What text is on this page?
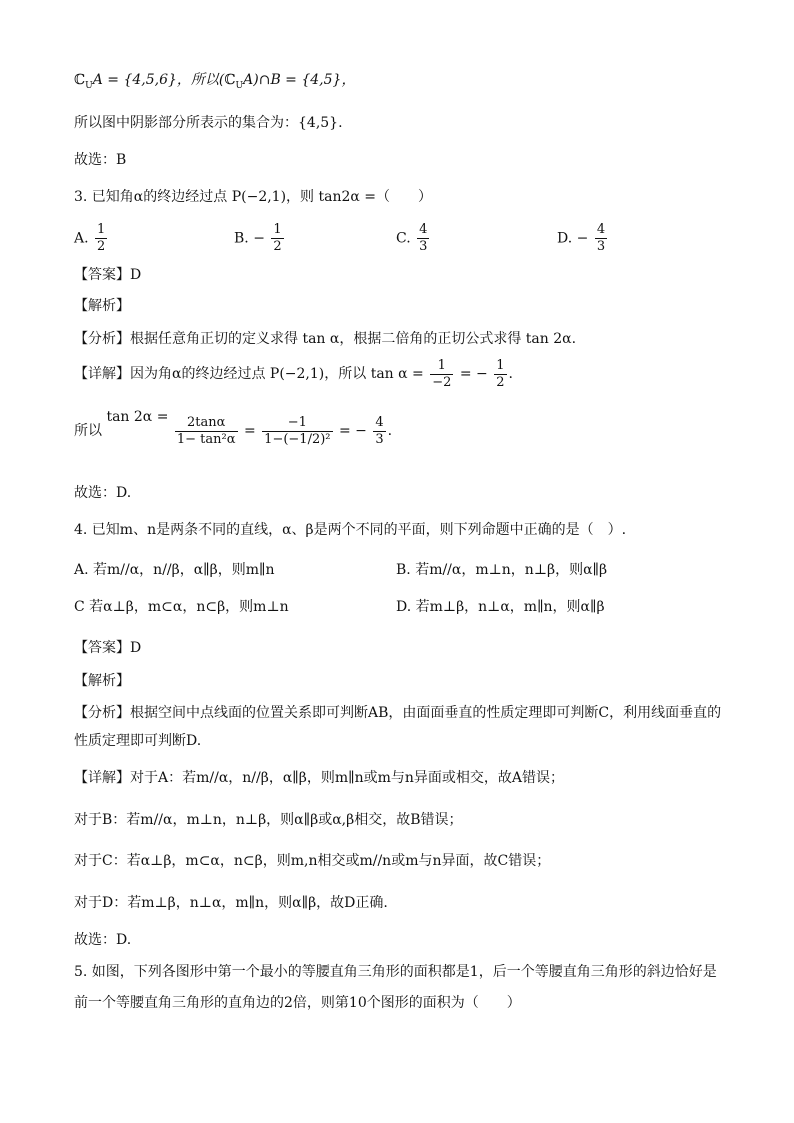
ℂ$_U$A = {4,5,6}，所以(ℂ$_U$A)∩B = {4,5}，
所以图中阴影部分所表示的集合为：{4,5}.
故选：B
3. 已知角α的终边经过点 P(−2,1)，则 tan2α =（　　）
A. $\frac{1}{2}$	B. − $\frac{1}{2}$	C. $\frac{4}{3}$	D. − $\frac{4}{3}$
【答案】D
【解析】
【分析】根据任意角正切的定义求得 tan α，根据二倍角的正切公式求得 tan 2α.
【详解】因为角α的终边经过点 P(−2,1)，所以 $\tan \alpha = \frac{1}{-2}$ = − $\frac{1}{2}$ .
所以 $\tan 2\alpha = \frac{2\tan\alpha}{\text{1− tan²α}} = \frac{-1}{\text{1−(−1/2)²}}$ = − $\frac{4}{3}$ .
故选：D.
4. 已知m、n是两条不同的直线，α、β是两个不同的平面，则下列命题中正确的是（　）.
A. 若m//α，n//β，α∥β，则m∥n	B. 若m//α，m⊥n，n⊥β，则α∥β
C 若α⊥β，m⊂α，n⊂β，则m⊥n	D. 若m⊥β，n⊥α，m∥n，则α∥β
【答案】D
【解析】
【分析】根据空间中点线面的位置关系即可判断AB，由面面垂直的性质定理即可判断C，利用线面垂直的
性质定理即可判断D.
【详解】对于A：若m//α，n//β，α∥β，则m∥n或m与n异面或相交，故A错误；
对于B：若m//α，m⊥n，n⊥β，则α∥β或α,β相交，故B错误；
对于C：若α⊥β，m⊂α，n⊂β，则m,n相交或m//n或m与n异面，故C错误；
对于D：若m⊥β，n⊥α，m∥n，则α∥β，故D正确.
故选：D.
5. 如图，下列各图形中第一个最小的等腰直角三角形的面积都是1，后一个等腰直角三角形的斜边恰好是
前一个等腰直角三角形的直角边的2倍，则第10个图形的面积为（　　）
